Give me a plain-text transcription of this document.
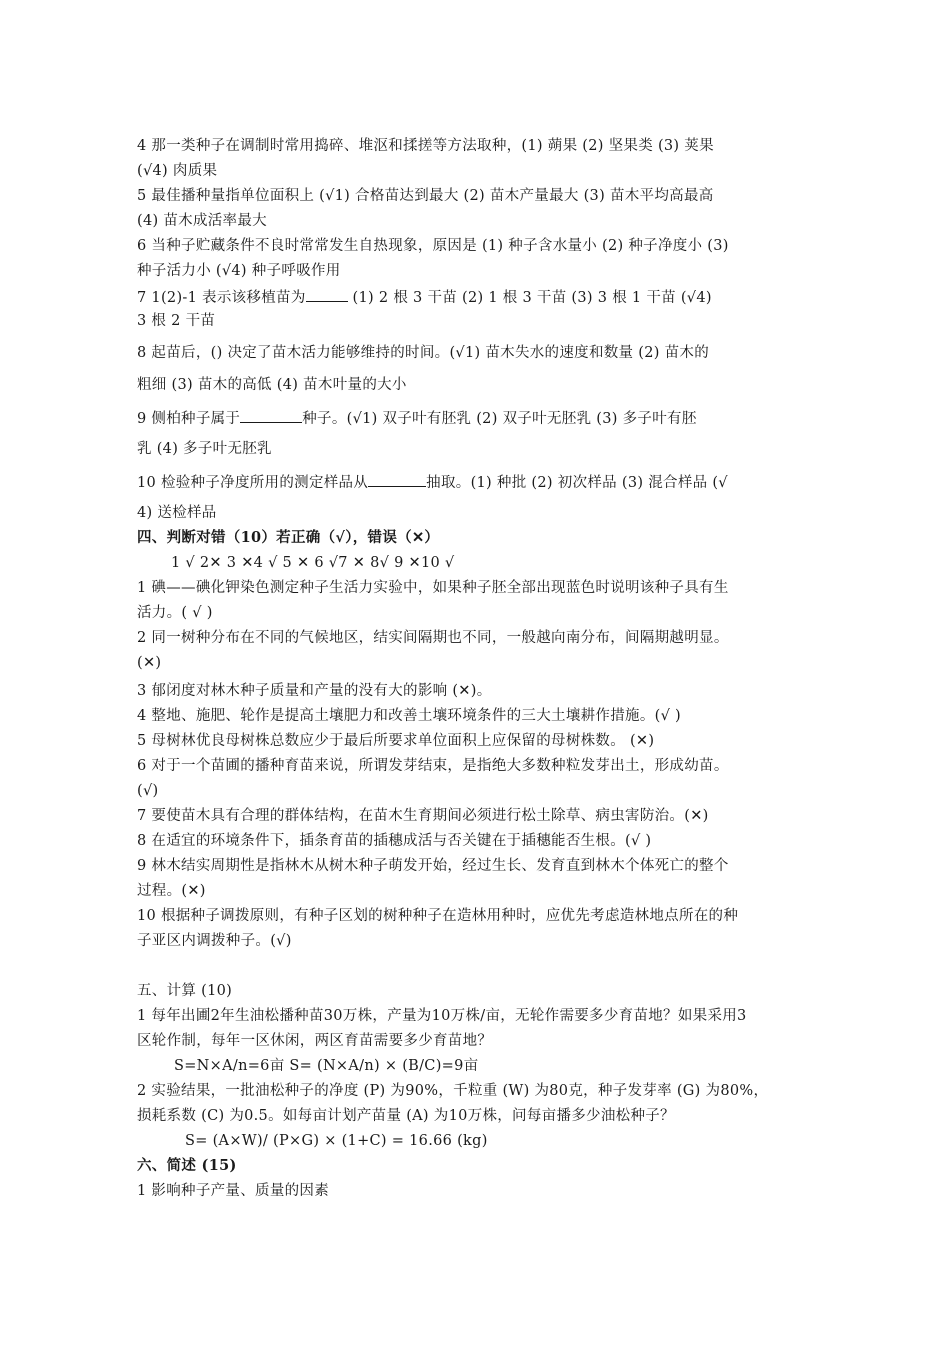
4 那一类种子在调制时常用捣碎、堆沤和揉搓等方法取种，(1) 蒴果 (2) 坚果类 (3) 荚果
(√4) 肉质果
5 最佳播种量指单位面积上 (√1) 合格苗达到最大 (2) 苗木产量最大 (3) 苗木平均高最高
(4) 苗木成活率最大
6 当种子贮藏条件不良时常常发生自热现象，原因是 (1) 种子含水量小 (2) 种子净度小 (3)
种子活力小 (√4) 种子呼吸作用
7 1(2)-1 表示该移植苗为	(1) 2 根 3 干苗 (2) 1 根 3 干苗 (3) 3 根 1 干苗 (√4)
3 根 2 干苗
8 起苗后，() 决定了苗木活力能够维持的时间。(√1) 苗木失水的速度和数量 (2) 苗木的
粗细 (3) 苗木的高低 (4) 苗木叶量的大小
9 侧柏种子属于	种子。(√1) 双子叶有胚乳 (2) 双子叶无胚乳 (3) 多子叶有胚
乳 (4) 多子叶无胚乳
10 检验种子净度所用的测定样品从	抽取。(1) 种批 (2) 初次样品 (3) 混合样品 (√
4) 送检样品
四、判断对错（10）若正确（√），错误（✕）
1 √ 2✕ 3 ✕4 √ 5 ✕ 6 √7 ✕ 8√ 9 ✕10 √
1 碘——碘化钾染色测定种子生活力实验中，如果种子胚全部出现蓝色时说明该种子具有生
活力。( √ )
2 同一树种分布在不同的气候地区，结实间隔期也不同，一般越向南分布，间隔期越明显。
(✕)
3 郁闭度对林木种子质量和产量的没有大的影响 (✕)。
4 整地、施肥、轮作是提高土壤肥力和改善土壤环境条件的三大土壤耕作措施。(√ )
5 母树林优良母树株总数应少于最后所要求单位面积上应保留的母树株数。 (✕)
6 对于一个苗圃的播种育苗来说，所谓发芽结束，是指绝大多数种粒发芽出土，形成幼苗。
(√)
7 要使苗木具有合理的群体结构，在苗木生育期间必须进行松土除草、病虫害防治。(✕)
8 在适宜的环境条件下，插条育苗的插穗成活与否关键在于插穗能否生根。(√ )
9 林木结实周期性是指林木从树木种子萌发开始，经过生长、发育直到林木个体死亡的整个
过程。(✕)
10 根据种子调拨原则，有种子区划的树种种子在造林用种时，应优先考虑造林地点所在的种
子亚区内调拨种子。(√)
五、计算 (10)
1 每年出圃2年生油松播种苗30万株，产量为10万株/亩，无轮作需要多少育苗地？如果采用3
区轮作制，每年一区休闲，两区育苗需要多少育苗地？
S=N×A/n=6亩 S= (N×A/n) × (B/C)=9亩
2 实验结果，一批油松种子的净度 (P) 为90%，千粒重 (W) 为80克，种子发芽率 (G) 为80%，
损耗系数 (C) 为0.5。如每亩计划产苗量 (A) 为10万株，问每亩播多少油松种子？
S= (A×W)/ (P×G) × (1+C) = 16.66 (kg)
六、简述 (15)
1 影响种子产量、质量的因素
